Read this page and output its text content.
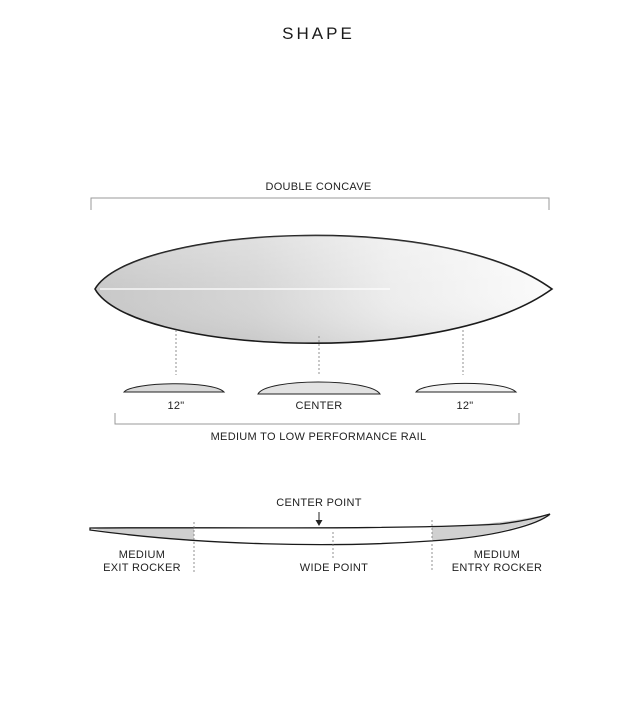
SHAPE
DOUBLE CONCAVE
12"	CENTER	12"
MEDIUM TO LOW PERFORMANCE RAIL
CENTER POINT
MEDIUM
EXIT ROCKER	WIDE POINT
MEDIUM
ENTRY ROCKER
